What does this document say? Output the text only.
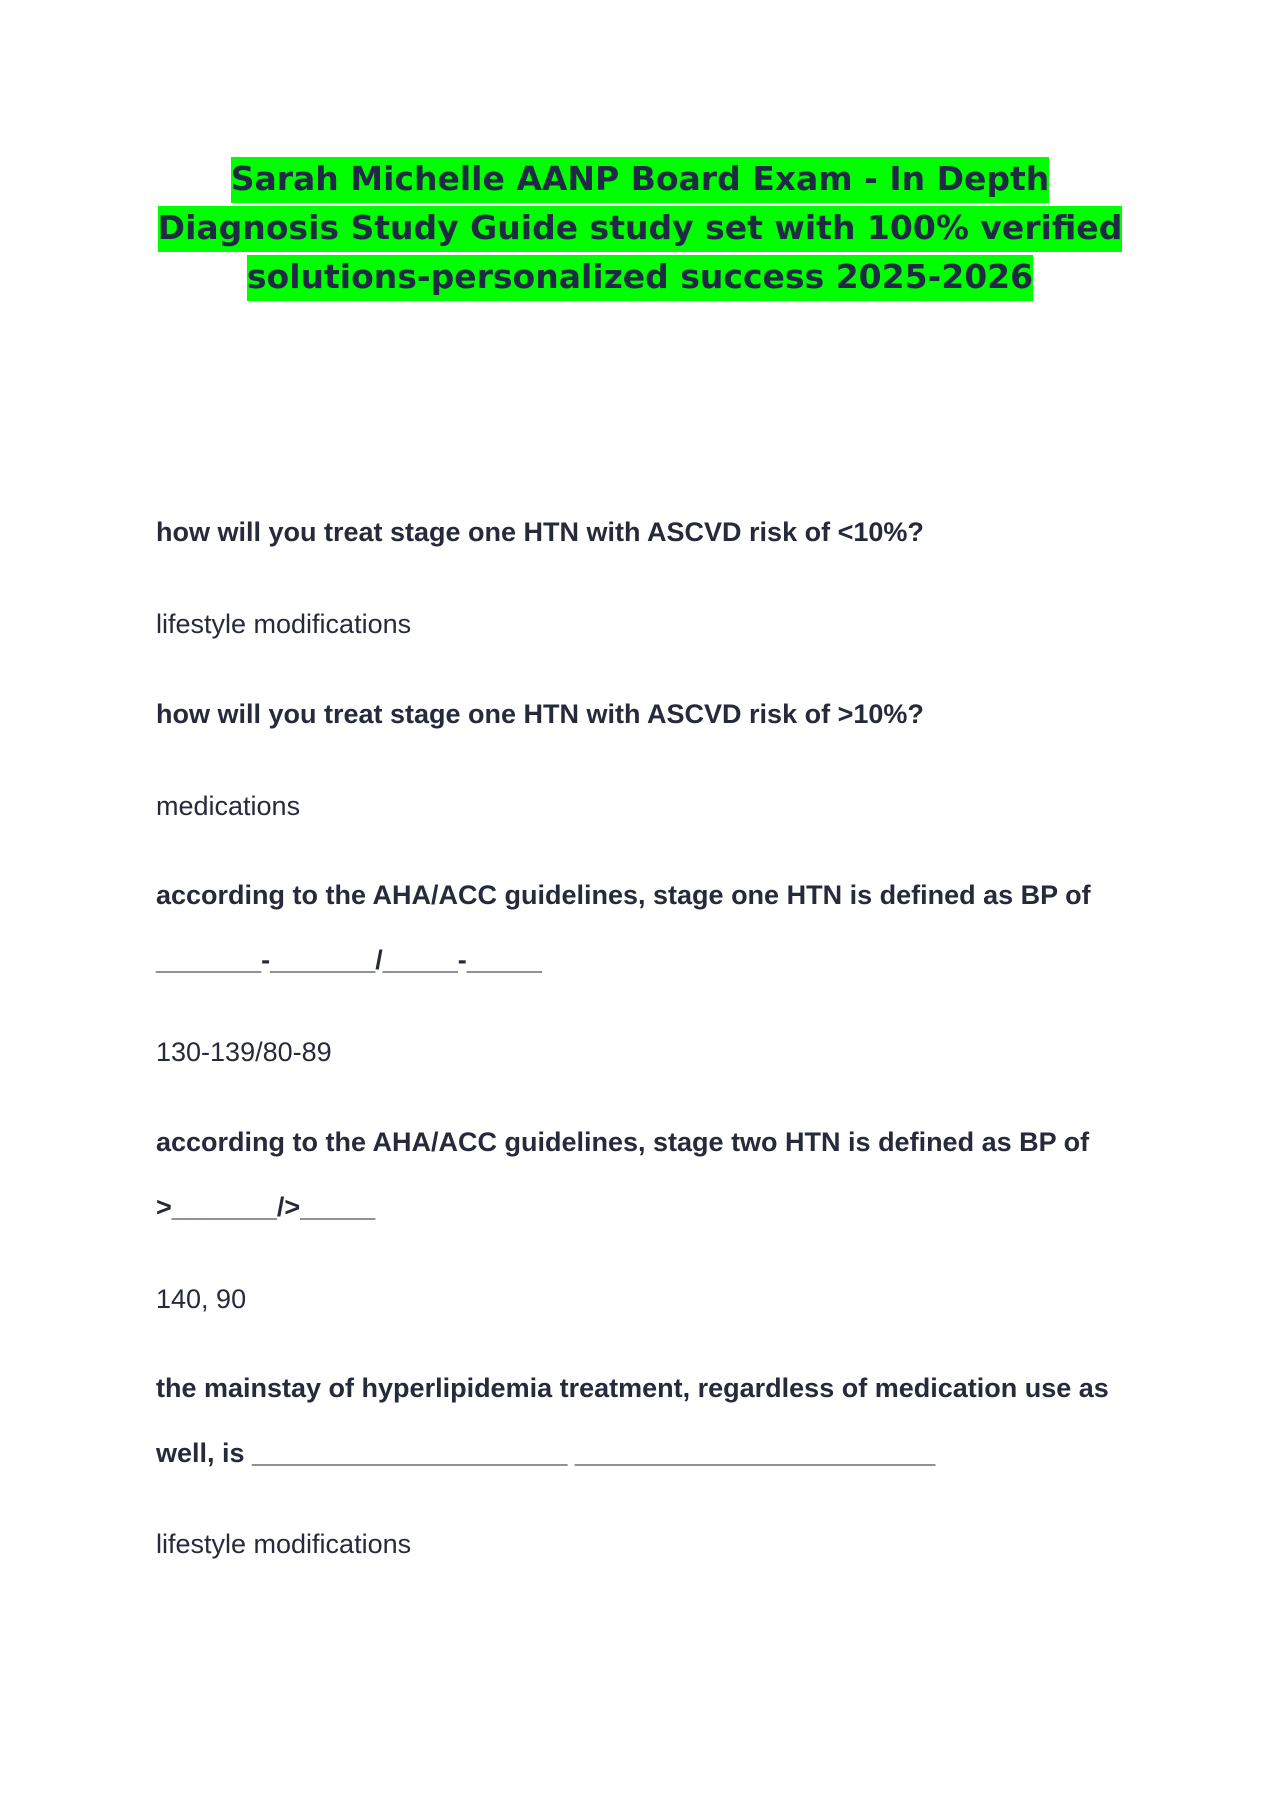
Sarah Michelle AANP Board Exam - In Depth Diagnosis Study Guide study set with 100% verified solutions-personalized success 2025-2026

how will you treat stage one HTN with ASCVD risk of <10%?

lifestyle modifications

how will you treat stage one HTN with ASCVD risk of >10%?

medications

according to the AHA/ACC guidelines, stage one HTN is defined as BP of _______-_______/_____-_____

130-139/80-89

according to the AHA/ACC guidelines, stage two HTN is defined as BP of >_______/>_____

140, 90

the mainstay of hyperlipidemia treatment, regardless of medication use as well, is _____________________ ________________________

lifestyle modifications
